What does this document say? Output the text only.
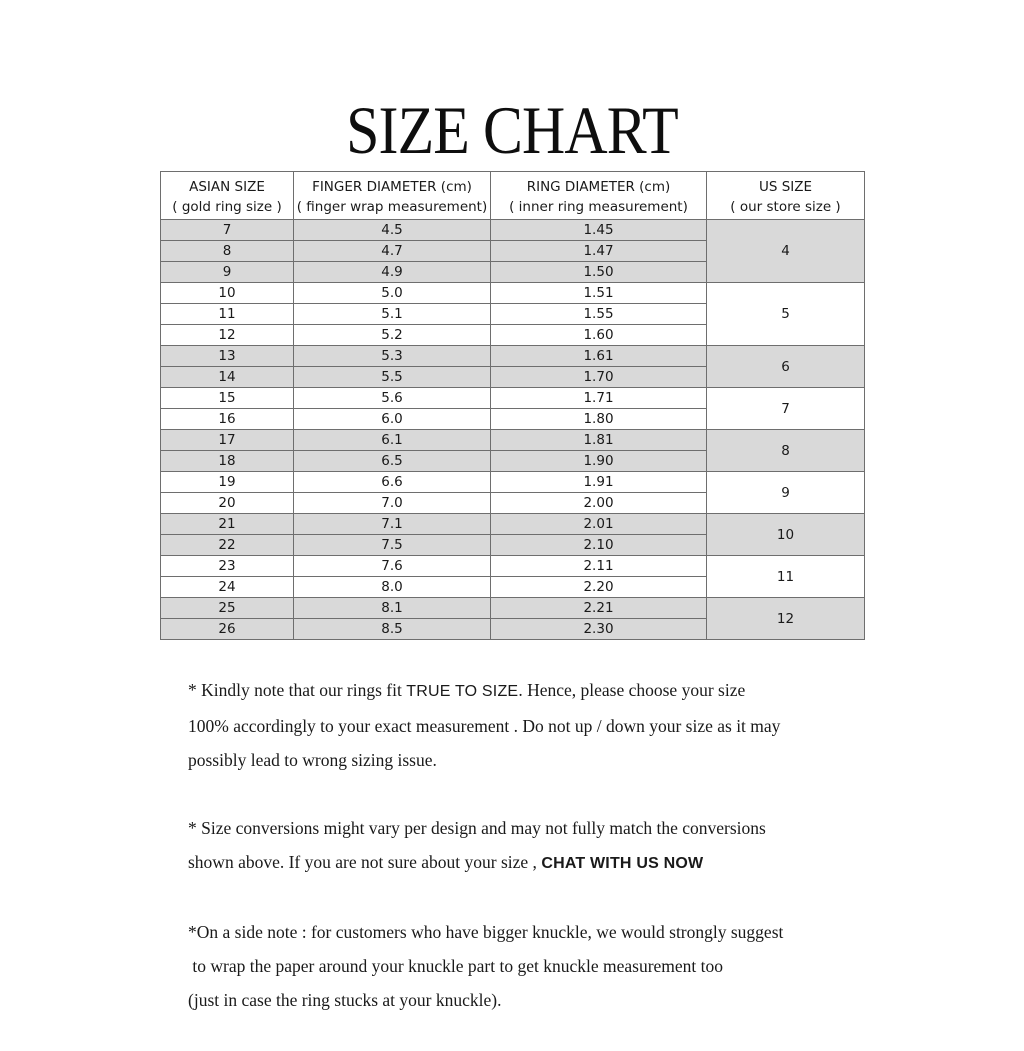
SIZE CHART
ASIAN SIZE	FINGER DIAMETER (cm)	RING DIAMETER (cm)	US SIZE
( gold ring size )	( finger wrap measurement)	( inner ring measurement)	( our store size )
7	4.5	1.45	4
8	4.7	1.47	
9	4.9	1.50	
10	5.0	1.51	5
11	5.1	1.55	
12	5.2	1.60	
13	5.3	1.61	6
14	5.5	1.70	
15	5.6	1.71	7
16	6.0	1.80	
17	6.1	1.81	8
18	6.5	1.90	
19	6.6	1.91	9
20	7.0	2.00	
21	7.1	2.01	10
22	7.5	2.10	
23	7.6	2.11	11
24	8.0	2.20	
25	8.1	2.21	12
26	8.5	2.30	

* Kindly note that our rings fit TRUE TO SIZE. Hence, please choose your size
100% accordingly to your exact measurement . Do not up / down your size as it may
possibly lead to wrong sizing issue.

* Size conversions might vary per design and may not fully match the conversions
shown above. If you are not sure about your size , CHAT WITH US NOW

*On a side note : for customers who have bigger knuckle, we would strongly suggest
to wrap the paper around your knuckle part to get knuckle measurement too
(just in case the ring stucks at your knuckle).
